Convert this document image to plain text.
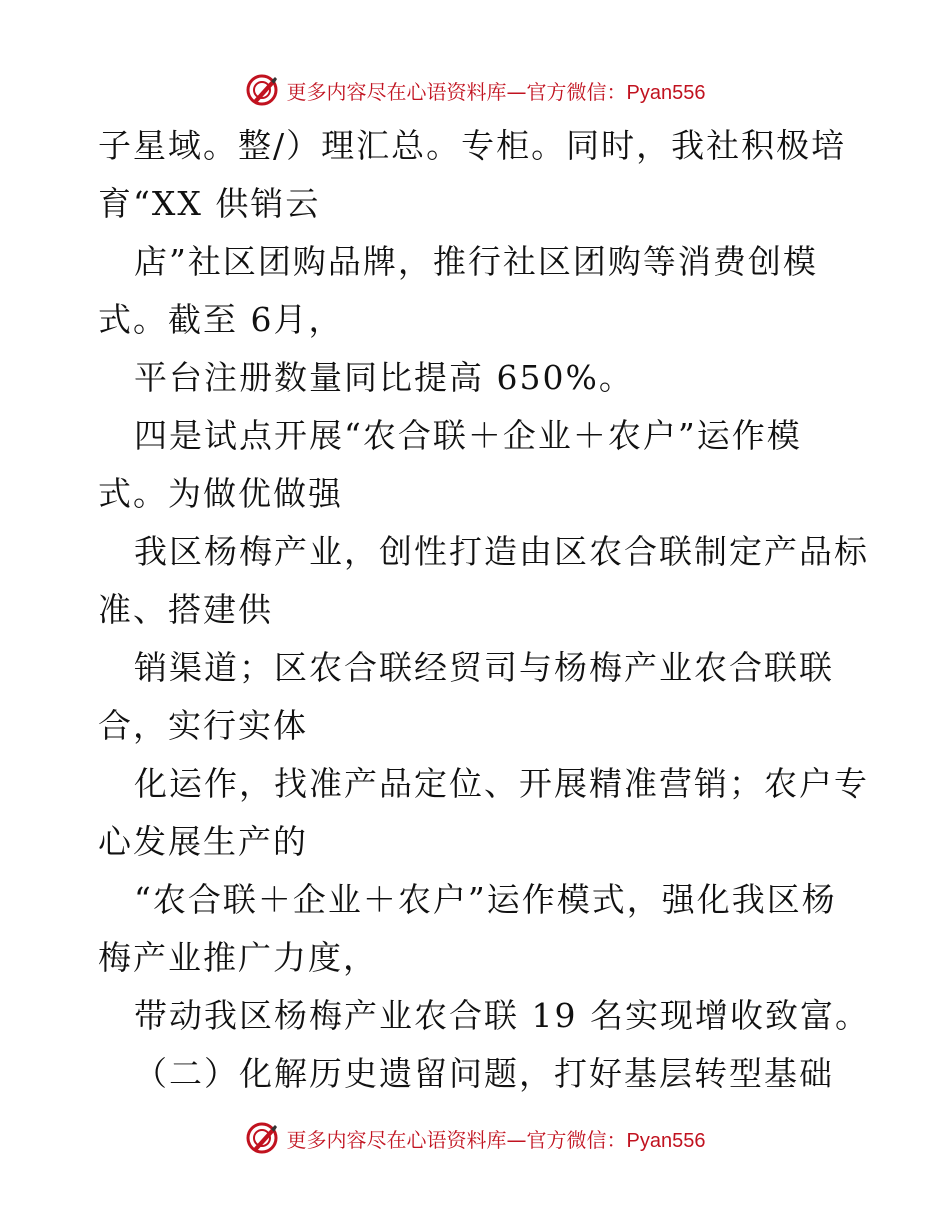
更多内容尽在心语资料库—官方微信：Pyan556
子星域。整/）理汇总。专柜。同时，我社积极培
育“XX 供销云
店”社区团购品牌，推行社区团购等消费创模
式。截至 6月，
平台注册数量同比提高 650%。
四是试点开展“农合联＋企业＋农户”运作模
式。为做优做强
我区杨梅产业，创性打造由区农合联制定产品标
准、搭建供
销渠道；区农合联经贸司与杨梅产业农合联联
合，实行实体
化运作，找准产品定位、开展精准营销；农户专
心发展生产的
“农合联＋企业＋农户”运作模式，强化我区杨
梅产业推广力度，
带动我区杨梅产业农合联 19 名实现增收致富。
（二）化解历史遗留问题，打好基层转型基础
更多内容尽在心语资料库—官方微信：Pyan556
